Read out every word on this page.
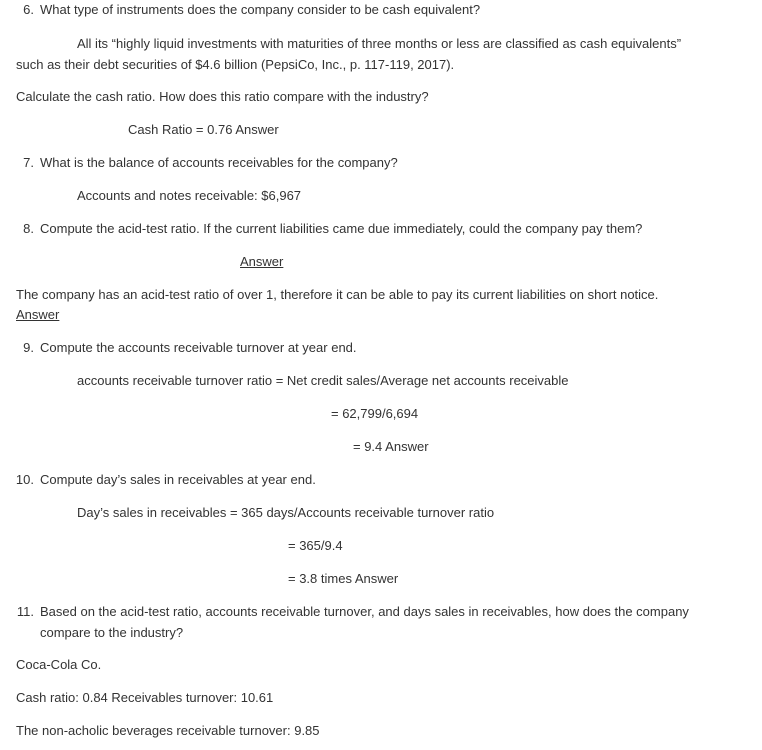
6. What type of instruments does the company consider to be cash equivalent?
All its “highly liquid investments with maturities of three months or less are classified as cash equivalents”
such as their debt securities of $4.6 billion (PepsiCo, Inc., p. 117-119, 2017).
Calculate the cash ratio. How does this ratio compare with the industry?
Cash Ratio = 0.76 Answer
7. What is the balance of accounts receivables for the company?
Accounts and notes receivable: $6,967
8. Compute the acid-test ratio. If the current liabilities came due immediately, could the company pay them?
Answer
The company has an acid-test ratio of over 1, therefore it can be able to pay its current liabilities on short notice.
Answer
9. Compute the accounts receivable turnover at year end.
accounts receivable turnover ratio = Net credit sales/Average net accounts receivable
= 62,799/6,694
= 9.4 Answer
10. Compute day’s sales in receivables at year end.
Day’s sales in receivables = 365 days/Accounts receivable turnover ratio
= 365/9.4
= 3.8 times Answer
11. Based on the acid-test ratio, accounts receivable turnover, and days sales in receivables, how does the company
compare to the industry?
Coca-Cola Co.
Cash ratio: 0.84 Receivables turnover: 10.61
The non-acholic beverages receivable turnover: 9.85
